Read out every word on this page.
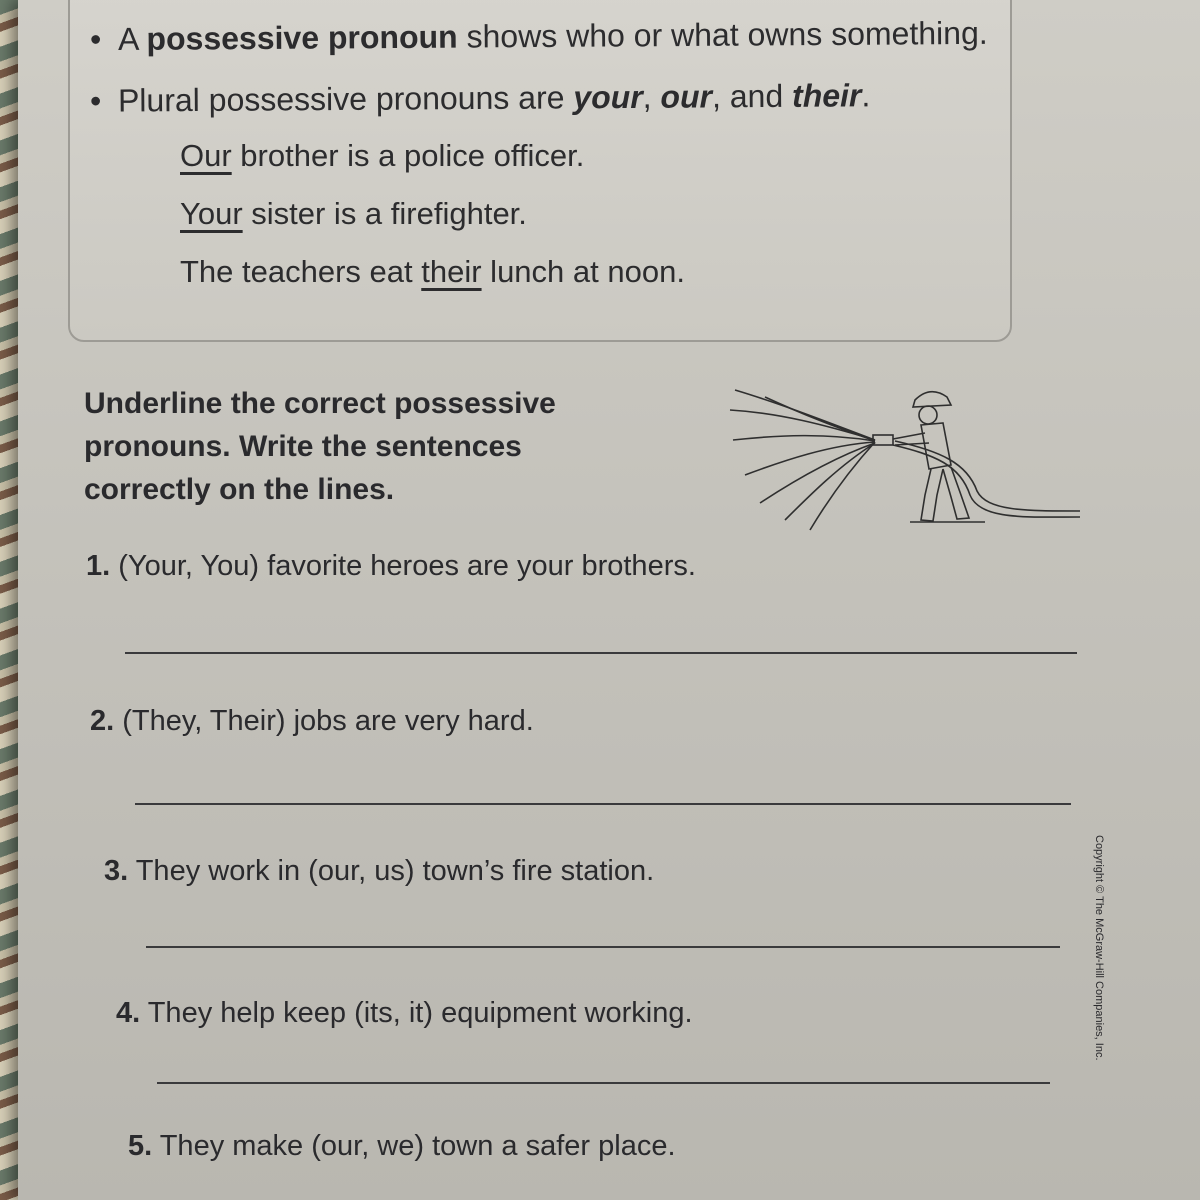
• A possessive pronoun shows who or what owns something.
• Plural possessive pronouns are your, our, and their.
Our brother is a police officer.
Your sister is a firefighter.
The teachers eat their lunch at noon.
Underline the correct possessive
pronouns. Write the sentences
correctly on the lines.
1. (Your, You) favorite heroes are your brothers.
2. (They, Their) jobs are very hard.
3. They work in (our, us) town’s fire station.
4. They help keep (its, it) equipment working.
5. They make (our, we) town a safer place.
Copyright © The McGraw-Hill Companies, Inc.
